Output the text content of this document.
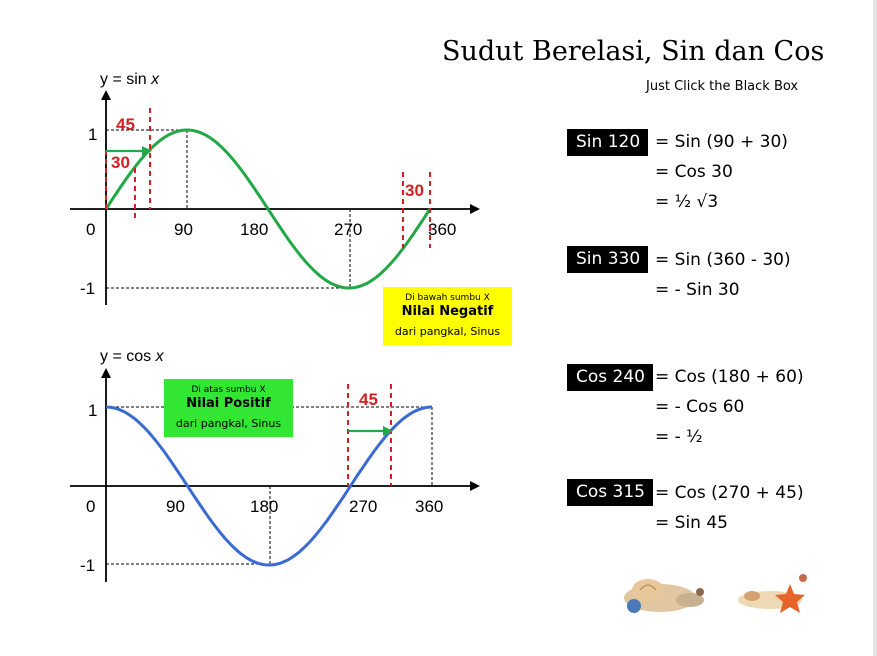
Sudut Berelasi, Sin dan Cos
Just Click the Black Box
y = sin x
1
-1
0	90	180	270	360
45
30
30
y = cos x
1
-1
0	90	180	270 360
45
Di bawah sumbu X
Nilai Negatif
dari pangkal, Sinus
Di atas sumbu X
Nilai Positif
dari pangkal, Sinus
Sin 120 = Sin (90 + 30)
= Cos 30
= ½ √3
Sin 330 = Sin (360 - 30)
= - Sin 30
Cos 240 = Cos (180 + 60)
= - Cos 60
= - ½
Cos 315 = Cos (270 + 45)
= Sin 45
